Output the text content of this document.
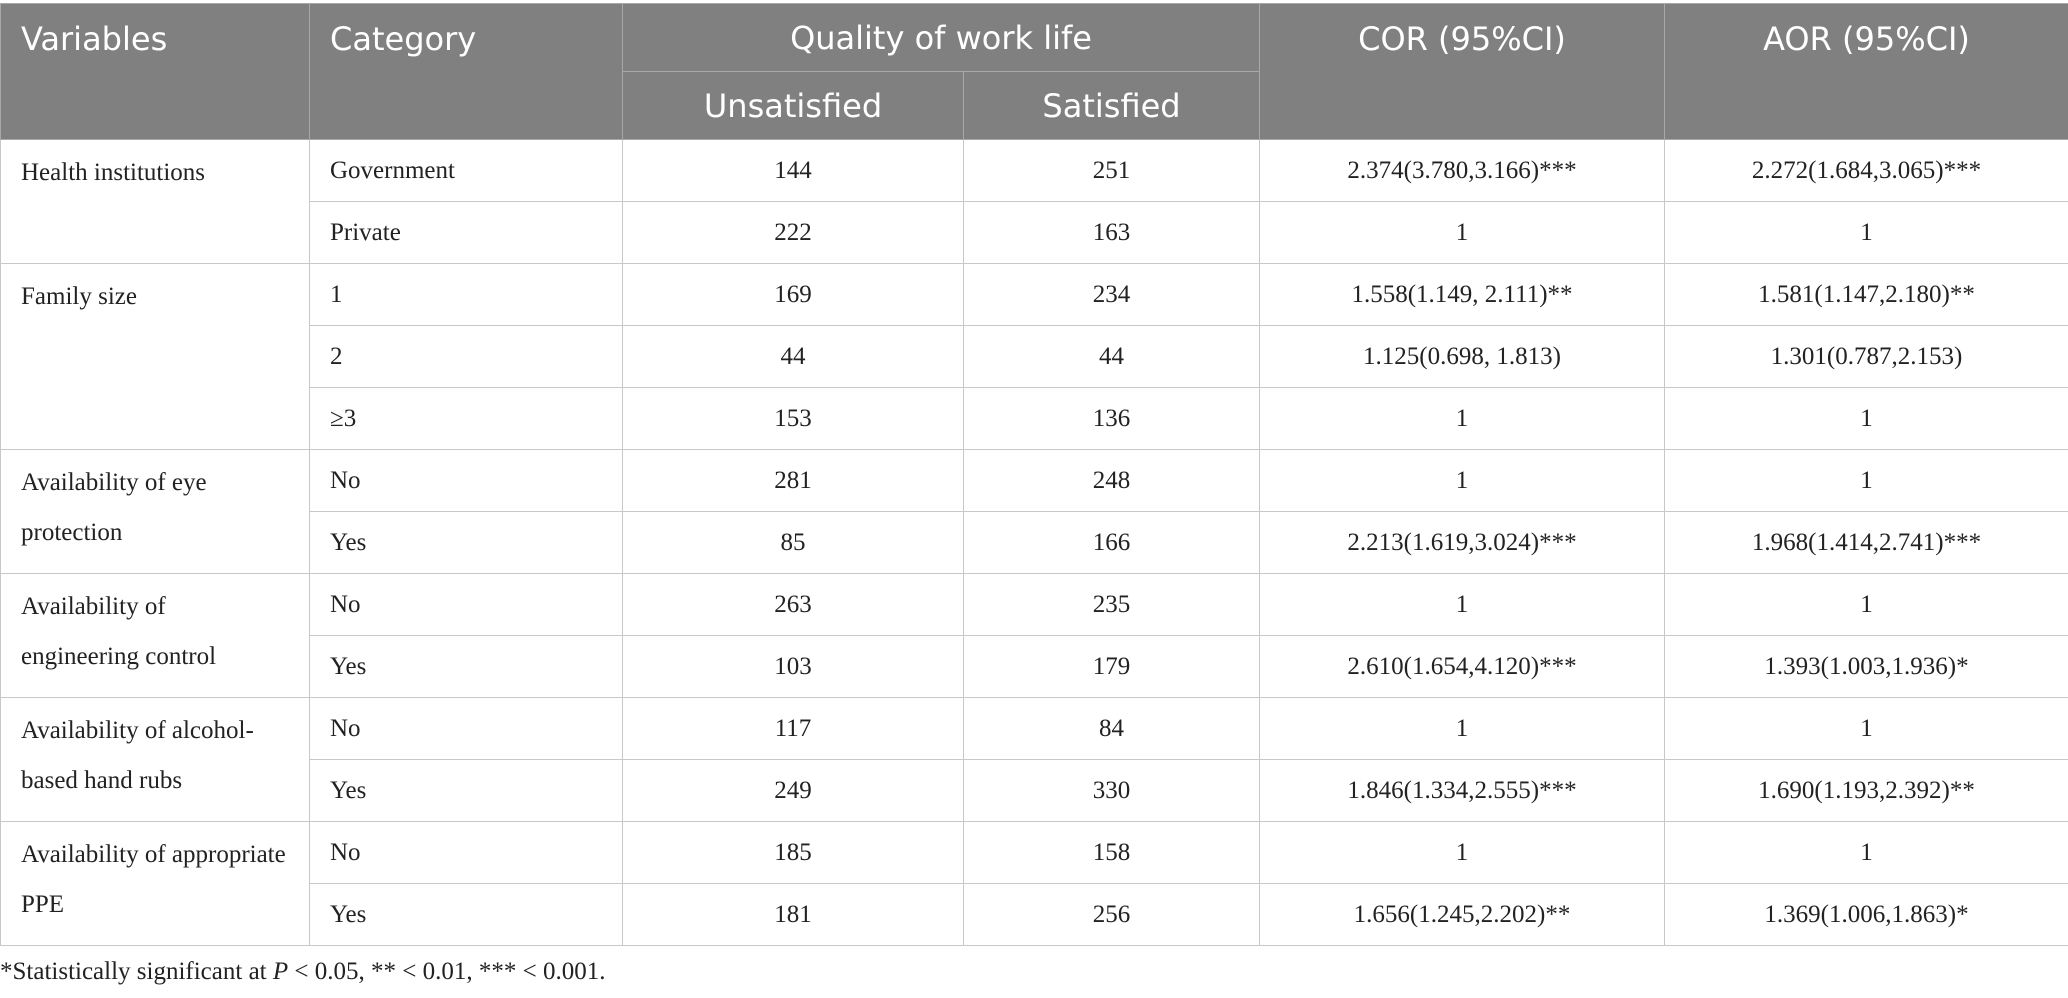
Variables	Category	Quality of work life		COR (95%CI)	AOR (95%CI)
		Unsatisfied	Satisfied		

Health institutions	Government	144	251	2.374(3.780,3.166)***	2.272(1.684,3.065)***
	Private	222	163	1	1

Family size	1	169	234	1.558(1.149, 2.111)**	1.581(1.147,2.180)**
	2	44	44	1.125(0.698, 1.813)	1.301(0.787,2.153)
	≥3	153	136	1	1

Availability of eye protection	No	281	248	1	1
	Yes	85	166	2.213(1.619,3.024)***	1.968(1.414,2.741)***

Availability of engineering control	No	263	235	1	1
	Yes	103	179	2.610(1.654,4.120)***	1.393(1.003,1.936)*

Availability of alcohol-based hand rubs	No	117	84	1	1
	Yes	249	330	1.846(1.334,2.555)***	1.690(1.193,2.392)**

Availability of appropriate PPE	No	185	158	1	1
	Yes	181	256	1.656(1.245,2.202)**	1.369(1.006,1.863)*
*Statistically significant at P < 0.05, ** < 0.01, *** < 0.001.
